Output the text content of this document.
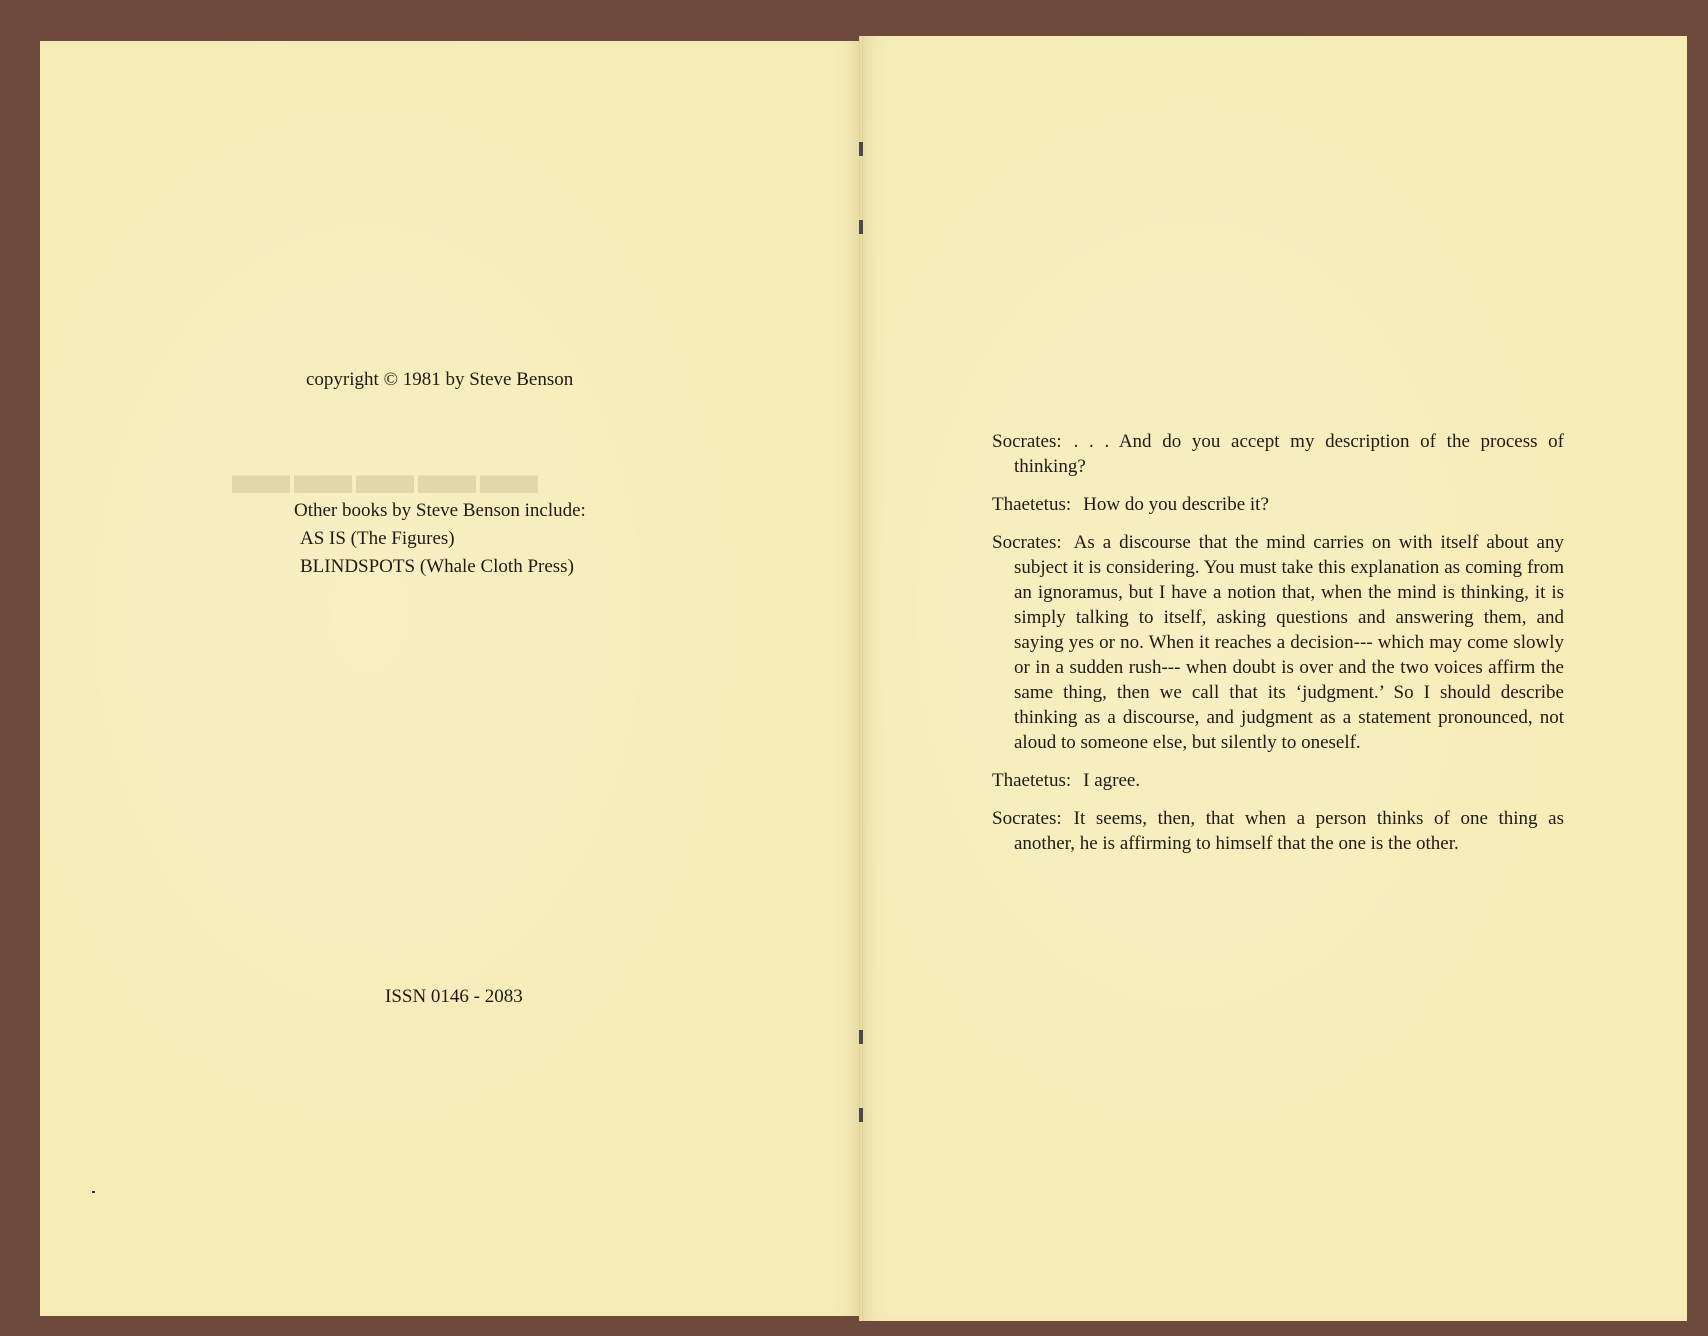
▬▬▬▬▬
copyright © 1981 by Steve Benson
Other books by Steve Benson include:
AS IS (The Figures)
BLINDSPOTS (Whale Cloth Press)
ISSN 0146 - 2083

Socrates: . . . And do you accept my description of the process of thinking?

Thaetetus: How do you describe it?

Socrates: As a discourse that the mind carries on with itself about any subject it is considering. You must take this explanation as coming from an ignoramus, but I have a notion that, when the mind is thinking, it is simply talking to itself, asking questions and answering them, and saying yes or no. When it reaches a decision--- which may come slowly or in a sudden rush--- when doubt is over and the two voices affirm the same thing, then we call that its ‘judgment.’ So I should describe thinking as a discourse, and judgment as a statement pronounced, not aloud to someone else, but silently to oneself.

Thaetetus: I agree.

Socrates: It seems, then, that when a person thinks of one thing as another, he is affirming to himself that the one is the other.
